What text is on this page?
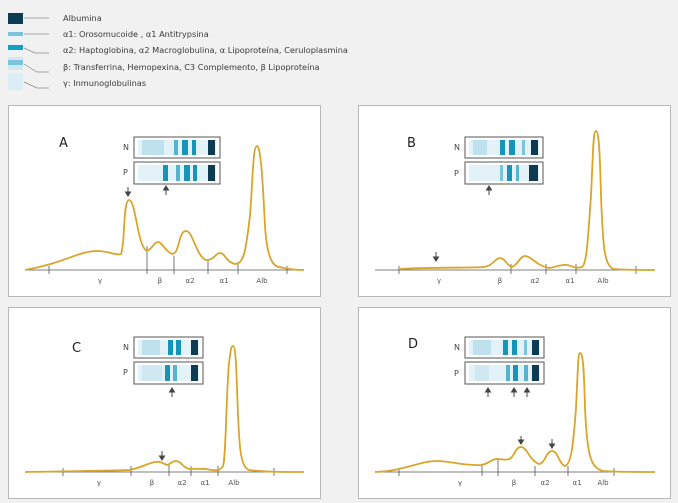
Albumina
α1: Orosomucoide , α1 Antitrypsina
α2: Haptoglobina, α2 Macroglobulina, α Lipoproteína, Ceruloplasmina
β: Transferrina, Hemopexina, C3 Complemento, β Lipoproteína
γ: Inmunoglobulinas
A	N
P
γ	β	α2	α1	Alb
B	N
P
γ	β	α2	α1	Alb
C	N
P
γ	β	α2 α1	Alb
D	N
P
γ	β	α2	α1 Alb
